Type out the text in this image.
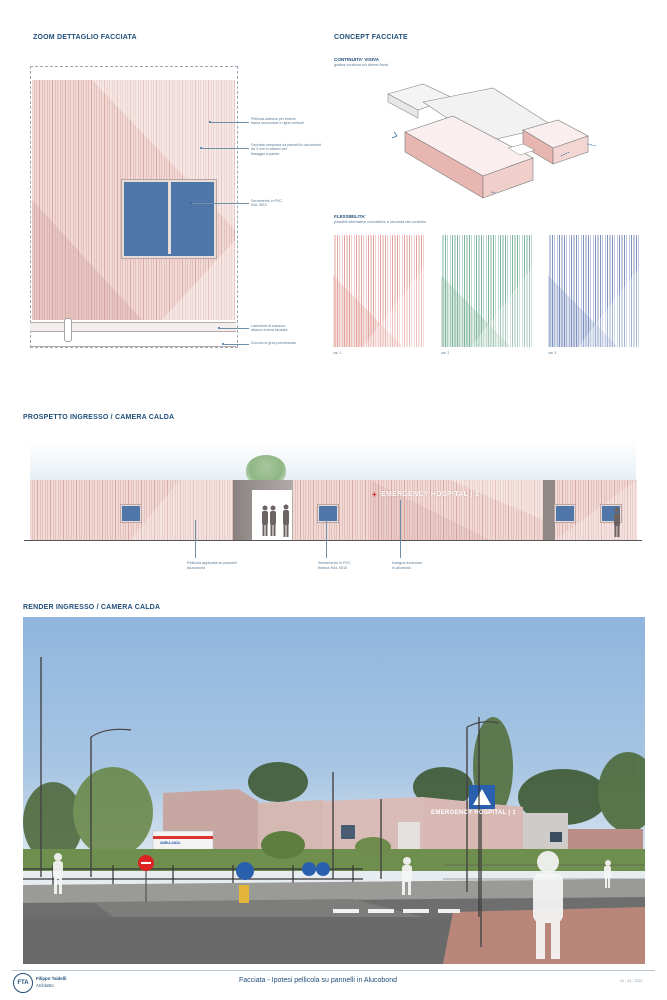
ZOOM DETTAGLIO FACCIATA	CONCEPT FACCIATE
PROSPETTO INGRESSO / CAMERA CALDA
RENDER INGRESSO / CAMERA CALDA
Pellicola adesiva per esterni
trama orizzontale e righe verticali
Facciata composta da pannelli in alucobond
da 3 mm in sistemi per
fissaggio a parete
Serramento in PVC
RAL 9010
Lattoneria di chiusura
attacco a terra facciata
Zoccolo in gres porcellanato
CONTINUITA' VISIVA
grafica continua sui diversi fronti
FLESSIBILITA'
possibili alternative cromatiche a seconda del contesto
var. 1	var. 2	var. 3
+ EMERGENCY HOSPITAL | 1
Pellicola applicata su pannelli
Alucobond
Serramento in PVC
finitura RAL 9010
Insegna luminosa
in alluminio
EMERGENCY HOSPITAL | 1
AMBULANZA
FTA
Filippo Taidelli
Architetto
Facciata - Ipotesi pellicola su pannelli in Alucobond	04 - 03 - 2020
